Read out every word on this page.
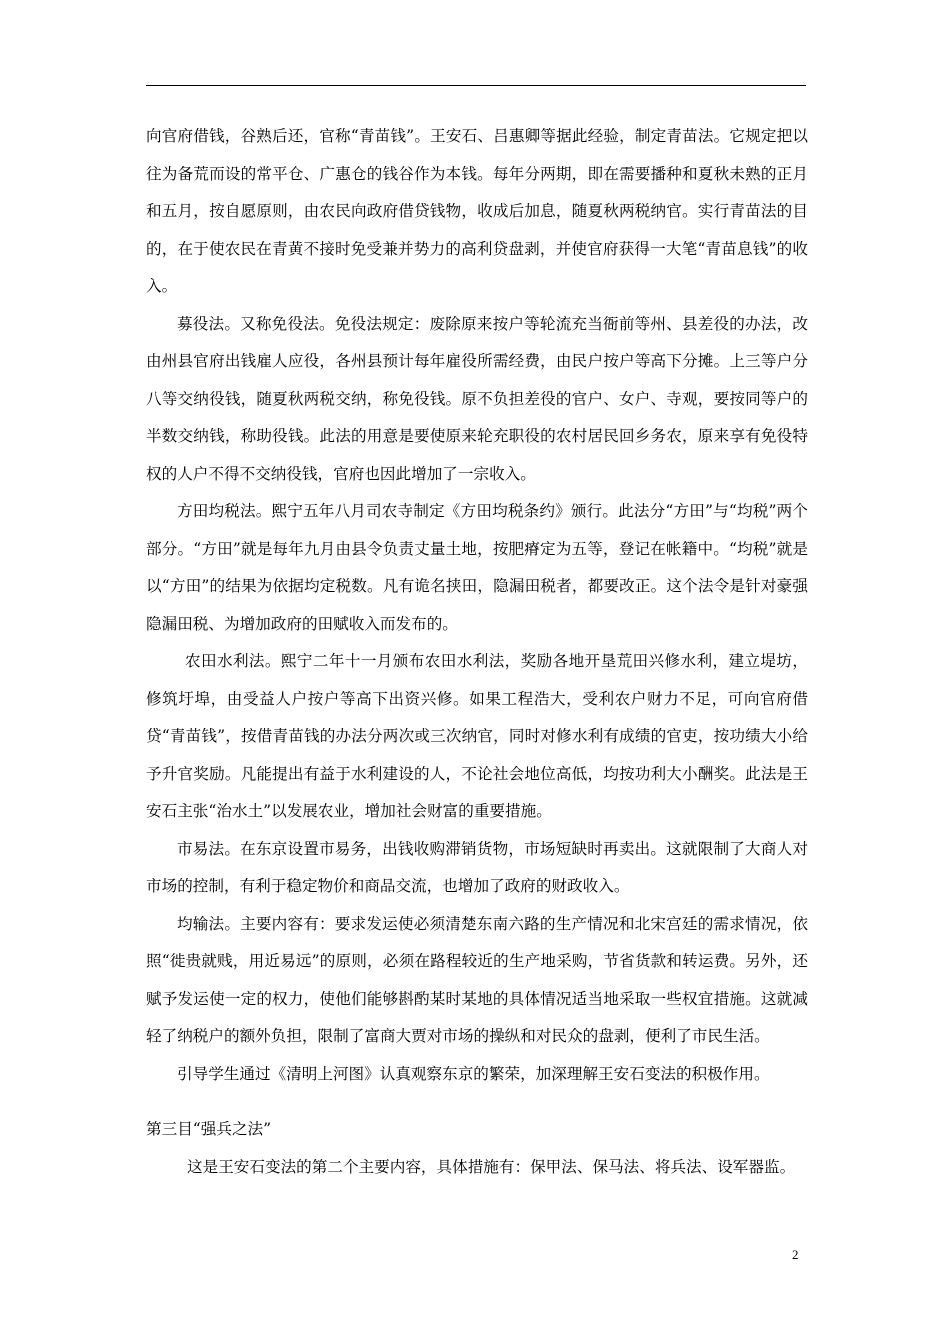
向官府借钱，谷熟后还，官称“青苗钱”。王安石、吕惠卿等据此经验，制定青苗法。它规定把以往为备荒而设的常平仓、广惠仓的钱谷作为本钱。每年分两期，即在需要播种和夏秋未熟的正月和五月，按自愿原则，由农民向政府借贷钱物，收成后加息，随夏秋两税纳官。实行青苗法的目的，在于使农民在青黄不接时免受兼并势力的高利贷盘剥，并使官府获得一大笔“青苗息钱”的收入。

募役法。又称免役法。免役法规定：废除原来按户等轮流充当衙前等州、县差役的办法，改由州县官府出钱雇人应役，各州县预计每年雇役所需经费，由民户按户等高下分摊。上三等户分八等交纳役钱，随夏秋两税交纳，称免役钱。原不负担差役的官户、女户、寺观，要按同等户的半数交纳钱，称助役钱。此法的用意是要使原来轮充职役的农村居民回乡务农，原来享有免役特权的人户不得不交纳役钱，官府也因此增加了一宗收入。

方田均税法。熙宁五年八月司农寺制定《方田均税条约》颁行。此法分“方田”与“均税”两个部分。“方田”就是每年九月由县令负责丈量土地，按肥瘠定为五等，登记在帐籍中。“均税”就是以“方田”的结果为依据均定税数。凡有诡名挟田，隐漏田税者，都要改正。这个法令是针对豪强隐漏田税、为增加政府的田赋收入而发布的。

农田水利法。熙宁二年十一月颁布农田水利法，奖励各地开垦荒田兴修水利，建立堤坊，修筑圩埠，由受益人户按户等高下出资兴修。如果工程浩大，受利农户财力不足，可向官府借贷“青苗钱”，按借青苗钱的办法分两次或三次纳官，同时对修水利有成绩的官吏，按功绩大小给予升官奖励。凡能提出有益于水利建设的人，不论社会地位高低，均按功利大小酬奖。此法是王安石主张“治水土”以发展农业，增加社会财富的重要措施。

市易法。在东京设置市易务，出钱收购滞销货物，市场短缺时再卖出。这就限制了大商人对市场的控制，有利于稳定物价和商品交流，也增加了政府的财政收入。

均输法。主要内容有：要求发运使必须清楚东南六路的生产情况和北宋宫廷的需求情况，依照“徙贵就贱，用近易远”的原则，必须在路程较近的生产地采购，节省货款和转运费。另外，还赋予发运使一定的权力，使他们能够斟酌某时某地的具体情况适当地采取一些权宜措施。这就减轻了纳税户的额外负担，限制了富商大贾对市场的操纵和对民众的盘剥，便利了市民生活。

引导学生通过《清明上河图》认真观察东京的繁荣，加深理解王安石变法的积极作用。

第三目“强兵之法”

这是王安石变法的第二个主要内容，具体措施有：保甲法、保马法、将兵法、设军器监。

2
